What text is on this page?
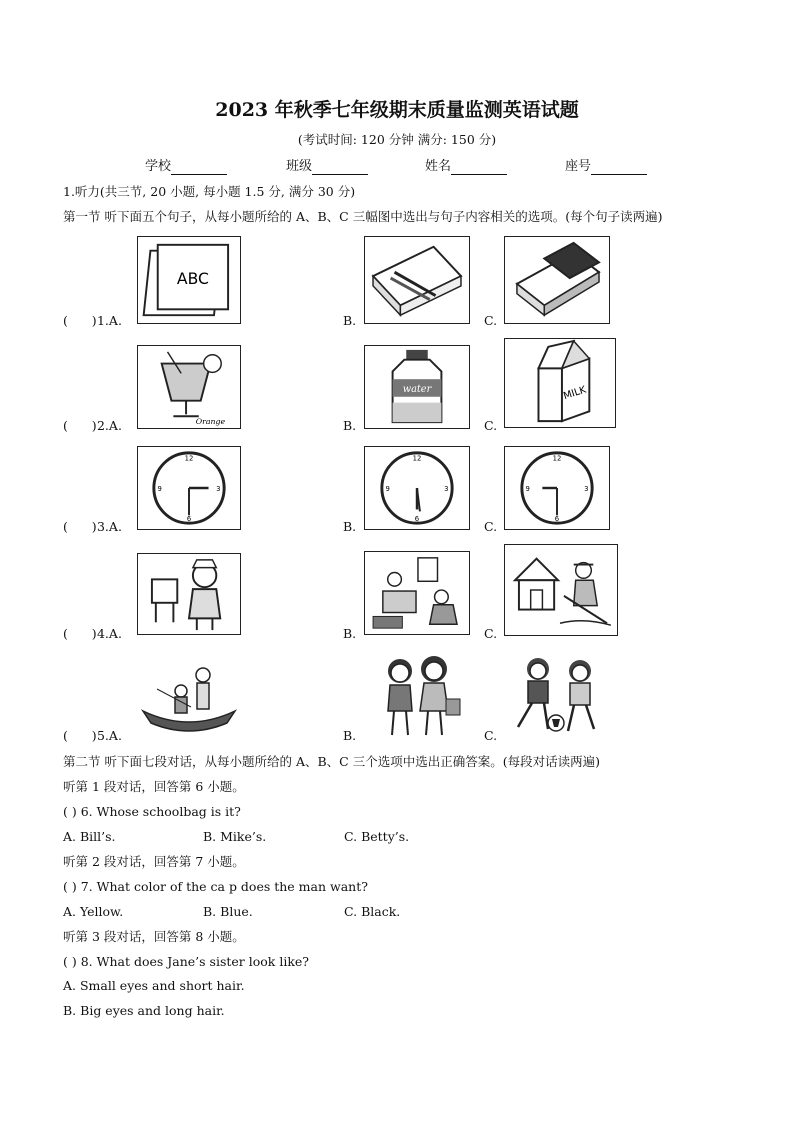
2023 年秋季七年级期末质量监测英语试题
(考试时间: 120 分钟 满分: 150 分)
学校	班级	姓名	座号
1.听力(共三节, 20 小题, 每小题 1.5 分, 满分 30 分)
第一节 听下面五个句子，从每小题所给的 A、B、C 三幅图中选出与句子内容相关的选项。(每个句子读两遍)
ABC
(      ) 1.A.	B.	C.
Orange
water	MILK
(      ) 2.A.	B.	C.
12
3
6
9
12
3
6
9
12
3
6
9
(      ) 3.A.	B.	C.
(      ) 4.A.	B.	C.
(      ) 5.A.	B.	C.
第二节 听下面七段对话，从每小题所给的 A、B、C 三个选项中选出正确答案。(每段对话读两遍)
听第 1 段对话，回答第 6 小题。
( ) 6. Whose schoolbag is it?
A. Bill’s.	B. Mike’s.	C. Betty’s.
听第 2 段对话，回答第 7 小题。
( ) 7. What color of the ca p does the man want?
A. Yellow.	B. Blue.	C. Black.
听第 3 段对话，回答第 8 小题。
( ) 8. What does Jane’s sister look like?
A. Small eyes and short hair.
B. Big eyes and long hair.
